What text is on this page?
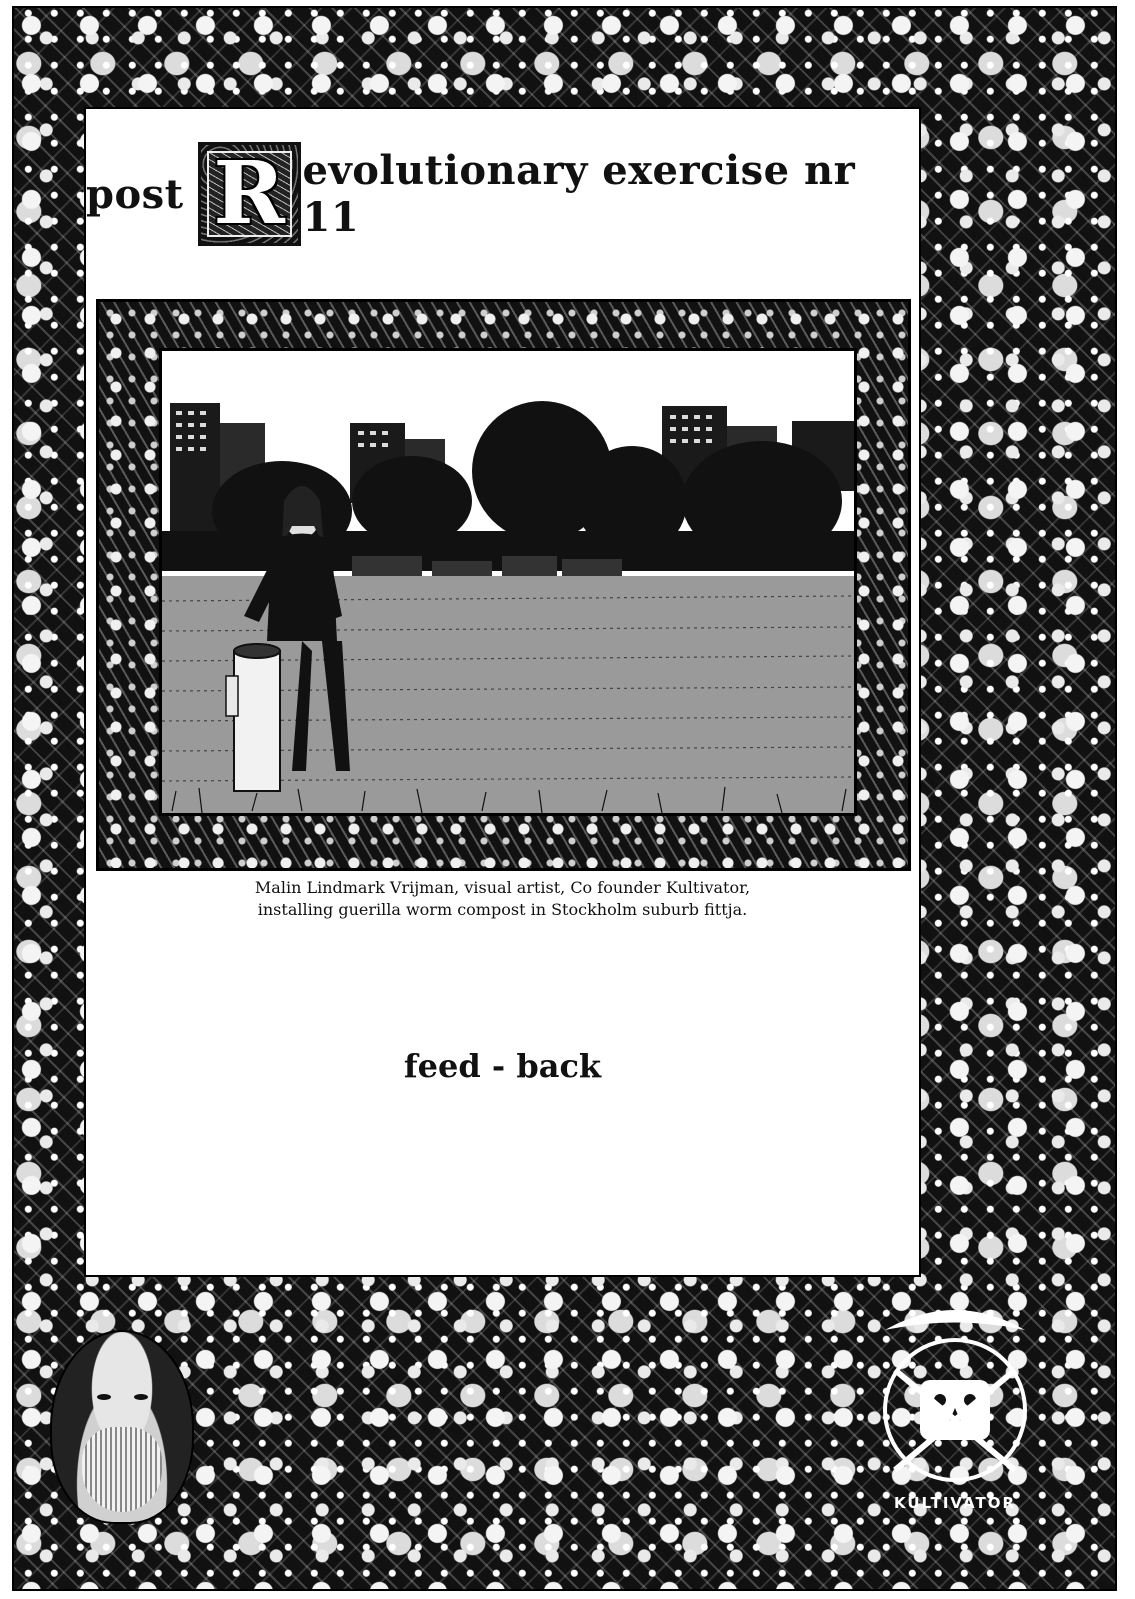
post R evolutionary exercise nr 11
Malin Lindmark Vrijman, visual artist, Co founder Kultivator,
installing guerilla worm compost in Stockholm suburb fittja.
feed - back
KULTIVATOR
